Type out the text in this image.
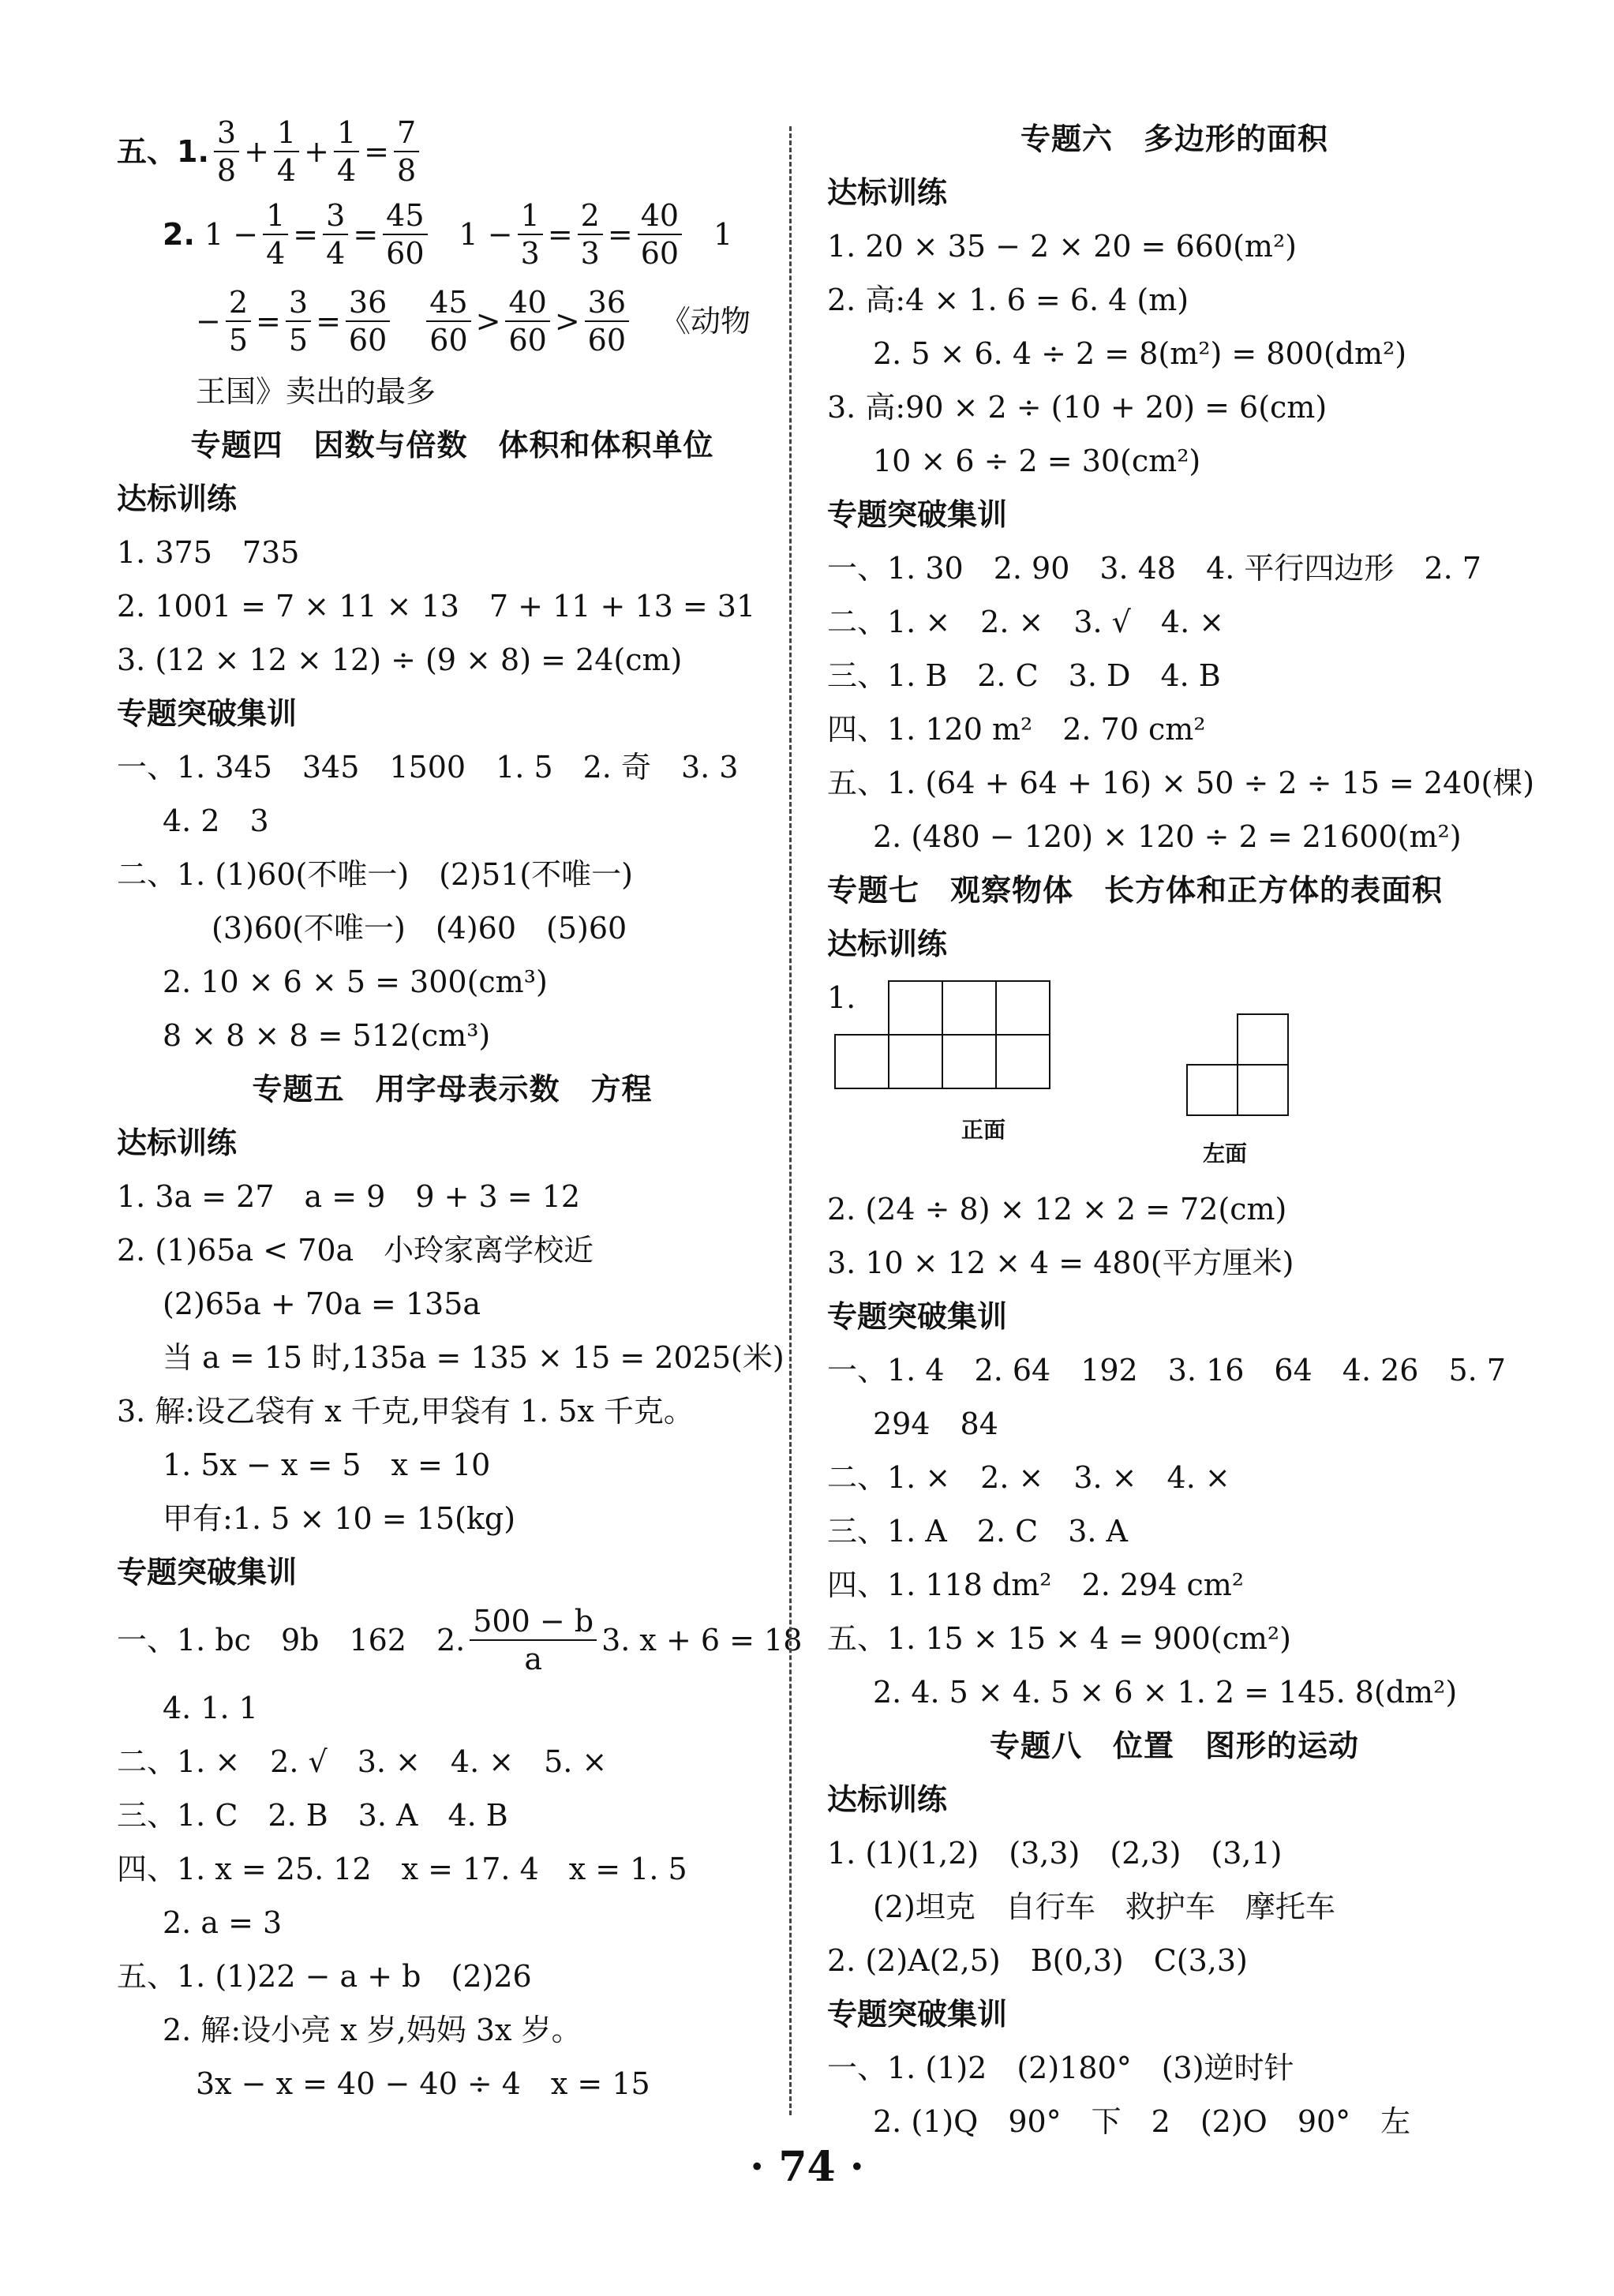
五、1. $\frac{3}{8} + \frac{1}{4} + \frac{1}{4} = \frac{7}{8}$
2.
$1 - \frac{1}{4} = \frac{3}{4} = \frac{45}{60} 1 - \frac{1}{3} = \frac{2}{3} = \frac{40}{60} 1$
− $\frac{2}{5} = \frac{3}{5} = \frac{36}{60} \frac{45}{60} > \frac{40}{60} > \frac{36}{60}$ 《动物
王国》卖出的最多
专题四　因数与倍数　体积和体积单位
达标训练
1. 375　735
2. 1001 = 7 × 11 × 13　7 + 11 + 13 = 31
3. (12 × 12 × 12) ÷ (9 × 8) = 24(cm)
专题突破集训
一、1. 345　345　1500　1. 5　2. 奇　3. 3
4. 2　3
二、1. (1)60(不唯一)　(2)51(不唯一)
(3)60(不唯一)　(4)60　(5)60
2. 10 × 6 × 5 = 300(cm³)
8 × 8 × 8 = 512(cm³)
专题五　用字母表示数　方程
达标训练
1. 3a = 27　a = 9　9 + 3 = 12
2. (1)65a < 70a　小玲家离学校近
(2)65a + 70a = 135a
当 a = 15 时,135a = 135 × 15 = 2025(米)
3. 解:设乙袋有 x 千克,甲袋有 1. 5x 千克。
1. 5x − x = 5　x = 10
甲有:1. 5 × 10 = 15(kg)
专题突破集训
一、1. bc　9b　162　2. $\frac{500 - b}{a} 3$. x + 6 = 18
4. 1. 1
二、1. ×　2. √　3. ×　4. ×　5. ×
三、1. C　2. B　3. A　4. B
四、1. x = 25. 12　x = 17. 4　x = 1. 5
2. a = 3
五、1. (1)22 − a + b　(2)26
2. 解:设小亮 x 岁,妈妈 3x 岁。
3x − x = 40 − 40 ÷ 4　x = 15
专题六　多边形的面积
达标训练
1. 20 × 35 − 2 × 20 = 660(m²)
2. 高:4 × 1. 6 = 6. 4 (m)
2. 5 × 6. 4 ÷ 2 = 8(m²) = 800(dm²)
3. 高:90 × 2 ÷ (10 + 20) = 6(cm)
10 × 6 ÷ 2 = 30(cm²)
专题突破集训
一、1. 30　2. 90　3. 48　4. 平行四边形　2. 7
二、1. ×　2. ×　3. √　4. ×
三、1. B　2. C　3. D　4. B
四、1. 120 m²　2. 70 cm²
五、1. (64 + 64 + 16) × 50 ÷ 2 ÷ 15 = 240(棵)
2. (480 − 120) × 120 ÷ 2 = 21600(m²)
专题七　观察物体　长方体和正方体的表面积
达标训练
1.
正面
左面
2. (24 ÷ 8) × 12 × 2 = 72(cm)
3. 10 × 12 × 4 = 480(平方厘米)
专题突破集训
一、1. 4　2. 64　192　3. 16　64　4. 26　5. 7
294　84
二、1. ×　2. ×　3. ×　4. ×
三、1. A　2. C　3. A
四、1. 118 dm²　2. 294 cm²
五、1. 15 × 15 × 4 = 900(cm²)
2. 4. 5 × 4. 5 × 6 × 1. 2 = 145. 8(dm²)
专题八　位置　图形的运动
达标训练
1. (1)(1,2)　(3,3)　(2,3)　(3,1)
(2)坦克　自行车　救护车　摩托车
2. (2)A(2,5)　B(0,3)　C(3,3)
专题突破集训
一、1. (1)2　(2)180°　(3)逆时针
2. (1)Q　90°　下　2　(2)O　90°　左
· 74 ·
